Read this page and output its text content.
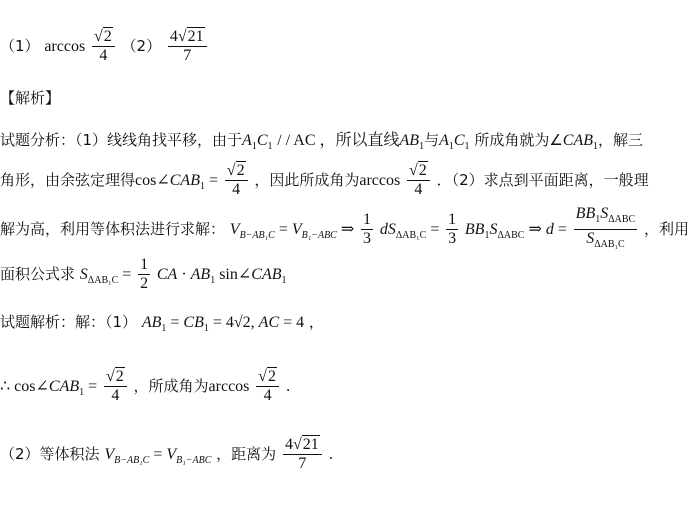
（1） $\arccos \frac{√2}{4} (2) \frac{4√21}{7}$
【解析】
试题分析：（1）线线角找平移，由于$A_1C_1$ / / AC ，所以直线$AB_1$与$A_1C_1$ 所成角就为$\angle CAB_1$，解三
角形，由余弦定理得$\cos\angle CAB_1 = \frac{√2}{4}$ ，因此所成角为$\arccos \frac{√2}{4}$ ．（2）求点到平面距离，一般理
解为高，利用等体积法进行求解： $V_{B-AB_1C} = V_{B_1-ABC}$ ⇒ $\frac{1}{3} dS_{\Delta AB_1C} = \frac{1}{3} BB_1S_{\Delta ABC}$ ⇒ $d = \frac{BB_1S_{\Delta ABC}}{S_{\Delta AB_1C}}$ ，利用
面积公式求 $S_{\Delta AB_1C} = \frac{1}{2}$ CA · $AB_1$ $\sin\angle CAB_1$
试题解析：解：（1） $AB_1 = CB_1 = 4√2$, AC = 4 ，
∴ $\cos\angle CAB_1 = \frac{√2}{4}$ ，所成角为$\arccos \frac{√2}{4}$ .
（2）等体积法 $V_{B-AB_1C} = V_{B_1-ABC}$ ，距离为 $\frac{4√21}{7}$ .
